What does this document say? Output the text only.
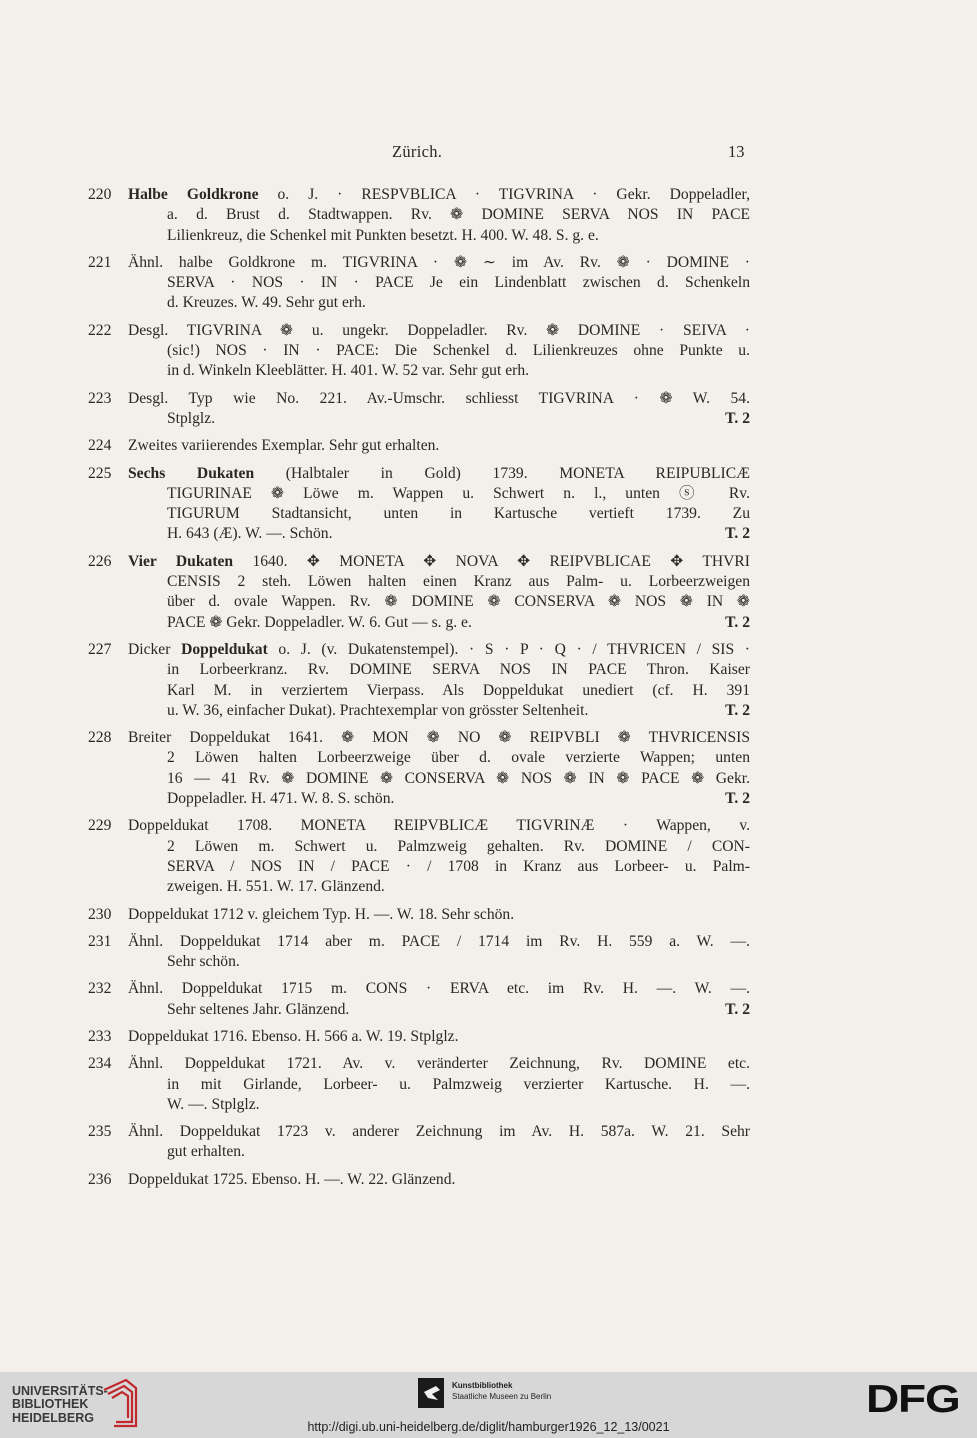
Zürich.	13
220 Halbe Goldkrone o. J. · RESPVBLICA · TIGVRINA · Gekr. Doppeladler,
a. d. Brust d. Stadtwappen. Rv. ❁ DOMINE SERVA NOS IN PACE
Lilienkreuz, die Schenkel mit Punkten besetzt. H. 400. W. 48. S. g. e.
221 Ähnl. halbe Goldkrone m. TIGVRINA · ❁ ∼ im Av. Rv. ❁ · DOMINE ·
SERVA · NOS · IN · PACE Je ein Lindenblatt zwischen d. Schenkeln
d. Kreuzes. W. 49. Sehr gut erh.
222 Desgl. TIGVRINA ❁ u. ungekr. Doppeladler. Rv. ❁ DOMINE · SEIVA ·
(sic!) NOS · IN · PACE: Die Schenkel d. Lilienkreuzes ohne Punkte u.
in d. Winkeln Kleeblätter. H. 401. W. 52 var. Sehr gut erh.
223 Desgl. Typ wie No. 221. Av.-Umschr. schliesst TIGVRINA · ❁ W. 54.
Stplglz.	T. 2
224 Zweites variierendes Exemplar. Sehr gut erhalten.
225 Sechs Dukaten (Halbtaler in Gold) 1739. MONETA REIPUBLICÆ
TIGURINAE ❁ Löwe m. Wappen u. Schwert n. l., unten ⓢ Rv.
TIGURUM Stadtansicht, unten in Kartusche vertieft 1739. Zu
H. 643 (Æ). W. —. Schön.	T. 2
226 Vier Dukaten 1640. ✥ MONETA ✥ NOVA ✥ REIPVBLICAE ✥ THVRI
CENSIS 2 steh. Löwen halten einen Kranz aus Palm- u. Lorbeerzweigen
über d. ovale Wappen. Rv. ❁ DOMINE ❁ CONSERVA ❁ NOS ❁ IN ❁
PACE ❁ Gekr. Doppeladler. W. 6. Gut — s. g. e.	T. 2
227 Dicker Doppeldukat o. J. (v. Dukatenstempel). · S · P · Q · / THVRICEN / SIS ·
in Lorbeerkranz. Rv. DOMINE SERVA NOS IN PACE Thron. Kaiser
Karl M. in verziertem Vierpass. Als Doppeldukat unediert (cf. H. 391
u. W. 36, einfacher Dukat). Prachtexemplar von grösster Seltenheit.	T. 2
228 Breiter Doppeldukat 1641. ❁ MON ❁ NO ❁ REIPVBLI ❁ THVRICENSIS
2 Löwen halten Lorbeerzweige über d. ovale verzierte Wappen; unten
16 — 41 Rv. ❁ DOMINE ❁ CONSERVA ❁ NOS ❁ IN ❁ PACE ❁ Gekr.
Doppeladler. H. 471. W. 8. S. schön.	T. 2
229 Doppeldukat 1708. MONETA REIPVBLICÆ TIGVRINÆ · Wappen, v.
2 Löwen m. Schwert u. Palmzweig gehalten. Rv. DOMINE / CON-
SERVA / NOS IN / PACE · / 1708 in Kranz aus Lorbeer- u. Palm-
zweigen. H. 551. W. 17. Glänzend.
230 Doppeldukat 1712 v. gleichem Typ. H. —. W. 18. Sehr schön.
231 Ähnl. Doppeldukat 1714 aber m. PACE / 1714 im Rv. H. 559 a. W. —.
Sehr schön.
232 Ähnl. Doppeldukat 1715 m. CONS · ERVA etc. im Rv. H. —. W. —.
Sehr seltenes Jahr. Glänzend.	T. 2
233 Doppeldukat 1716. Ebenso. H. 566 a. W. 19. Stplglz.
234 Ähnl. Doppeldukat 1721. Av. v. veränderter Zeichnung, Rv. DOMINE etc.
in mit Girlande, Lorbeer- u. Palmzweig verzierter Kartusche. H. —.
W. —. Stplglz.
235 Ähnl. Doppeldukat 1723 v. anderer Zeichnung im Av. H. 587a. W. 21. Sehr
gut erhalten.
236 Doppeldukat 1725. Ebenso. H. —. W. 22. Glänzend.
UNIVERSITÄTS-
BIBLIOTHEK
HEIDELBERG
Kunstbibliothek
Staatliche Museen zu Berlin	DFG
http://digi.ub.uni-heidelberg.de/diglit/hamburger1926_12_13/0021
